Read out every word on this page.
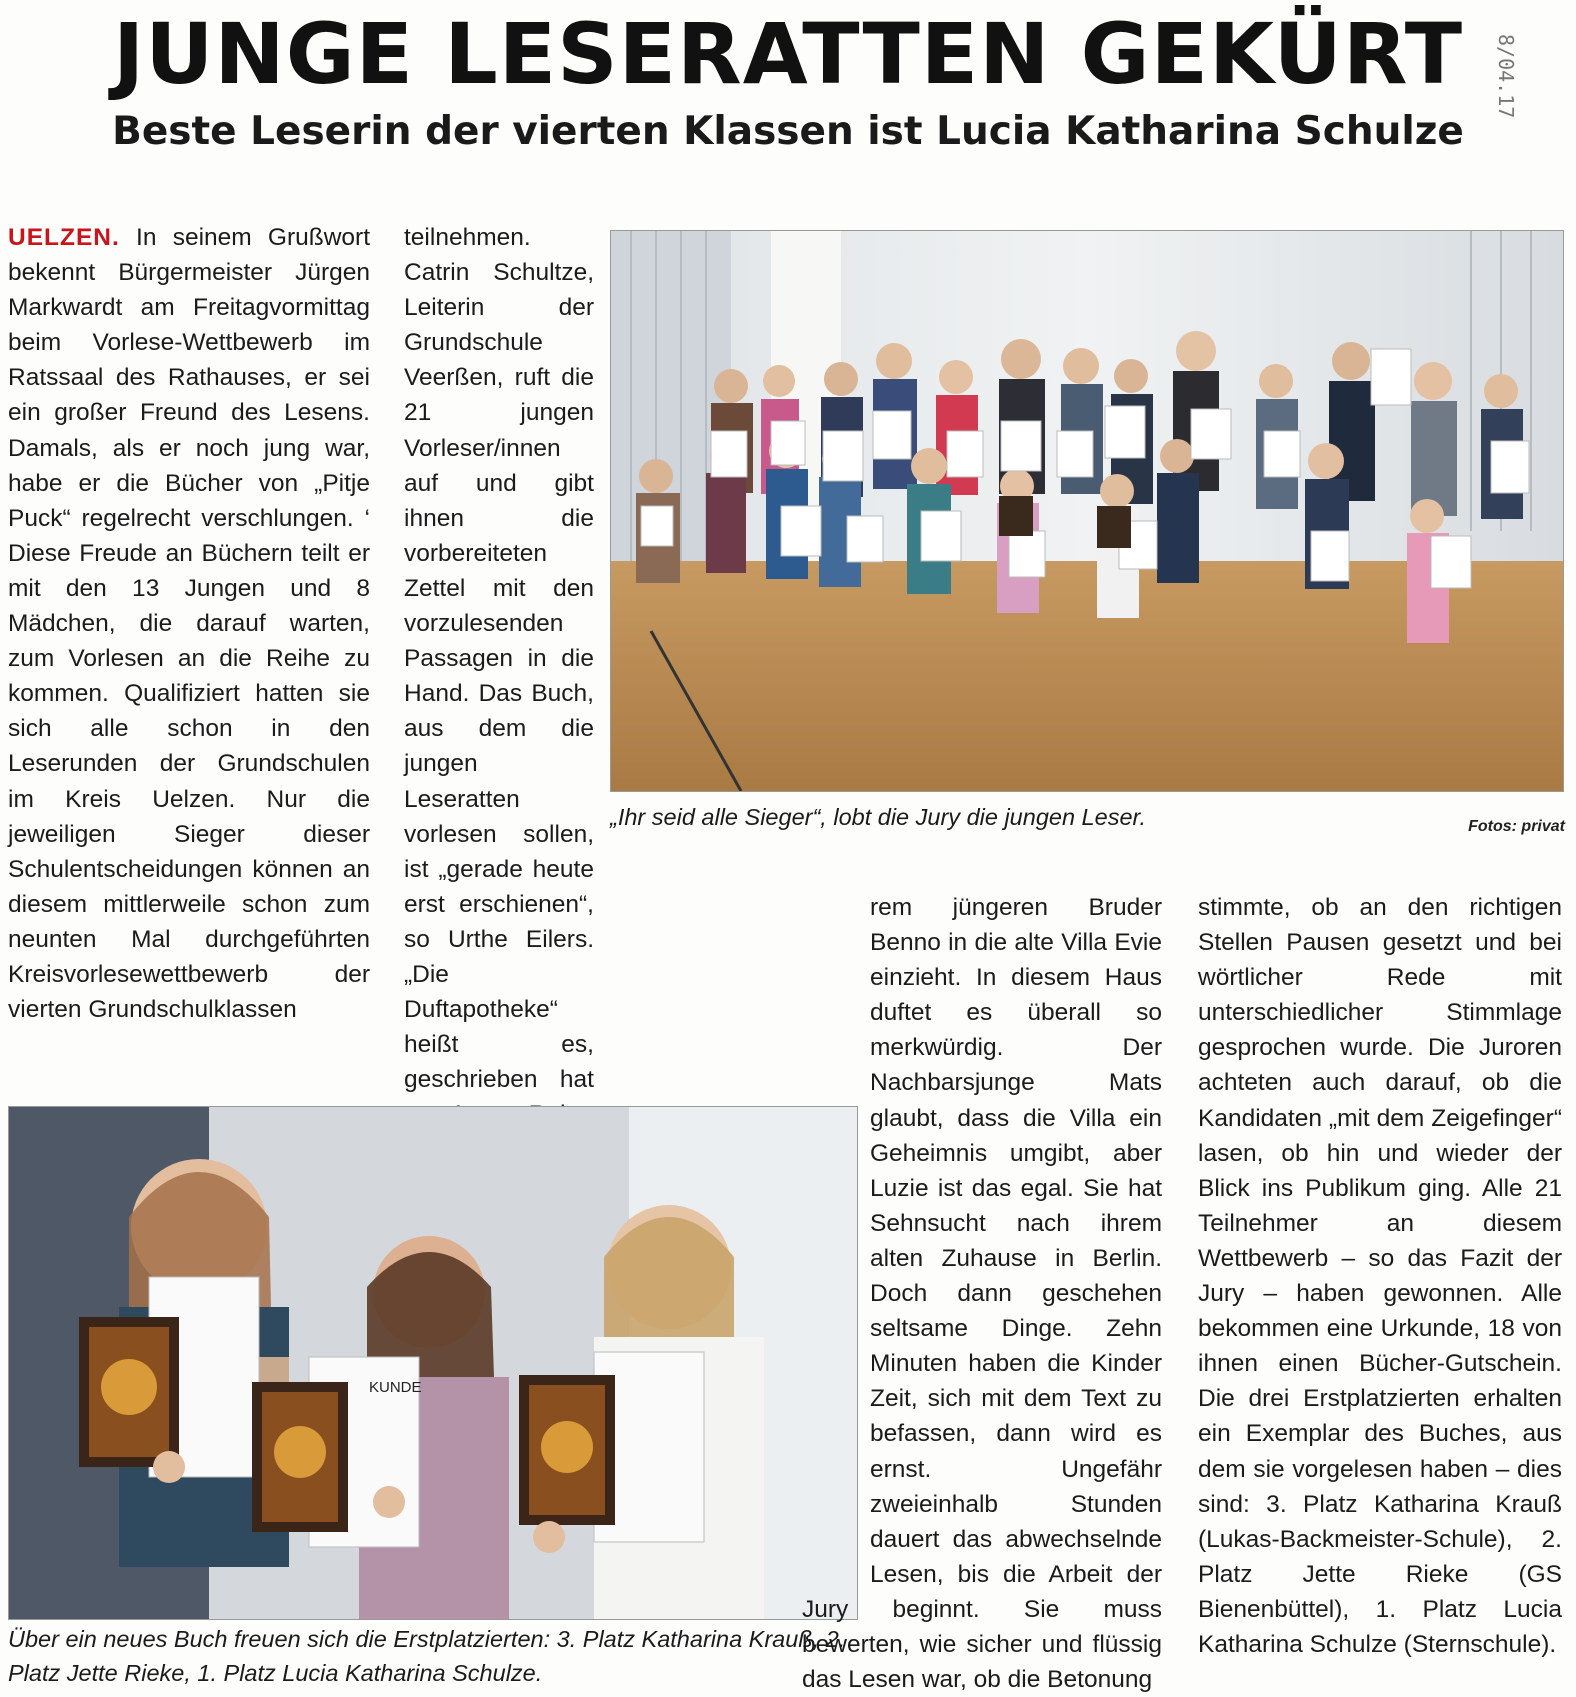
JUNGE LESERATTEN GEKÜRT
Beste Leserin der vierten Klassen ist Lucia Katharina Schulze
8/04.17

UELZEN. In seinem Grußwort bekennt Bürgermeister Jürgen Markwardt am Freitagvormittag beim Vorlese-Wettbewerb im Ratssaal des Rathauses, er sei ein großer Freund des Lesens. Damals, als er noch jung war, habe er die Bücher von „Pitje Puck“ regelrecht verschlungen. ‘ Diese Freude an Büchern teilt er mit den 13 Jungen und 8 Mädchen, die darauf warten, zum Vorlesen an die Reihe zu kommen. Qualifiziert hatten sie sich alle schon in den Leserunden der Grundschulen im Kreis Uelzen. Nur die jeweiligen Sieger dieser Schulentscheidungen können an diesem mittlerweile schon zum neunten Mal durchgeführten Kreisvorlesewettbewerb der vierten Grundschulklassen

teilnehmen. Catrin Schultze, Leiterin der Grundschule Veerßen, ruft die 21 jungen Vorleser/innen auf und gibt ihnen die vorbereiteten Zettel mit den vorzulesenden Passagen in die Hand. Das Buch, aus dem die jungen Leseratten vorlesen sollen, ist „gerade heute erst erschienen“, so Urthe Eilers. „Die Duftapotheke“ heißt es, geschrieben hat

„Ihr seid alle Sieger“, lobt die Jury die jungen Leser.	Fotos: privat
KUNDE
Über ein neues Buch freuen sich die Erstplatzierten: 3. Platz Katharina Krauß, 2. Platz Jette Rieke, 1. Platz Lucia Katharina Schulze.

rem jüngeren Bruder Benno in die alte Villa Evie einzieht. In diesem Haus duftet es überall so merkwürdig. Der Nachbarsjunge Mats glaubt, dass die Villa ein Geheimnis umgibt, aber Luzie ist das egal. Sie hat Sehnsucht nach ihrem alten Zuhause in Berlin. Doch dann geschehen seltsame Dinge. Zehn Minuten haben die Kinder Zeit, sich mit dem Text zu befassen, dann wird es ernst. Ungefähr zweieinhalb Stunden dauert das abwechselnde Lesen, bis die Arbeit der Jury beginnt. Sie muss bewerten, wie sicher und flüssig das Lesen war, ob die Betonung

stimmte, ob an den richtigen Stellen Pausen gesetzt und bei wörtlicher Rede mit unterschiedlicher Stimmlage gesprochen wurde. Die Juroren achteten auch darauf, ob die Kandidaten „mit dem Zeigefinger“ lasen, ob hin und wieder der Blick ins Publikum ging. Alle 21 Teilnehmer an diesem Wettbewerb – so das Fazit der Jury – haben gewonnen. Alle bekommen eine Urkunde, 18 von ihnen einen Bücher-Gutschein. Die drei Erstplatzierten erhalten ein Exemplar des Buches, aus dem sie vorgelesen haben – dies sind: 3. Platz Katharina Krauß (Lukas-Backmeister-Schule), 2. Platz Jette Rieke (GS Bienenbüttel), 1. Platz Lucia Katharina Schulze (Sternschule).
